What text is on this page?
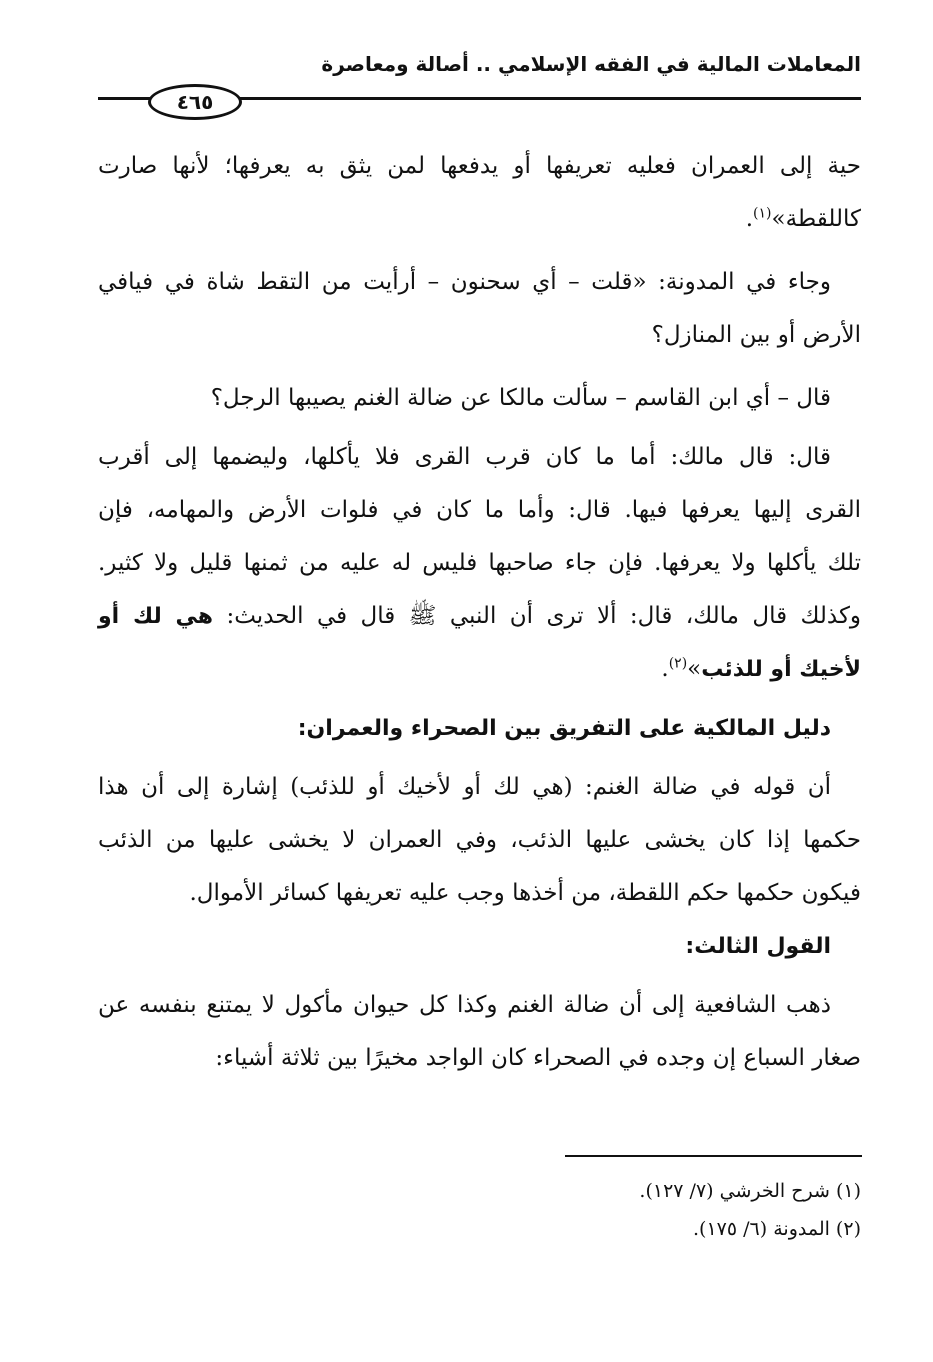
المعاملات المالية في الفقه الإسلامي .. أصالة ومعاصرة
٤٦٥
حية إلى العمران فعليه تعريفها أو يدفعها لمن يثق به يعرفها؛ لأنها صارت
كاللقطة»$^{(١)}$.
وجاء في المدونة: «قلت – أي سحنون – أرأيت من التقط شاة في فيافي
الأرض أو بين المنازل؟
قال – أي ابن القاسم – سألت مالكا عن ضالة الغنم يصيبها الرجل؟
قال: قال مالك: أما ما كان قرب القرى فلا يأكلها، وليضمها إلى أقرب
القرى إليها يعرفها فيها. قال: وأما ما كان في فلوات الأرض والمهامه، فإن
تلك يأكلها ولا يعرفها. فإن جاء صاحبها فليس له عليه من ثمنها قليل ولا كثير.
وكذلك قال مالك، قال: ألا ترى أن النبي ﷺ قال في الحديث: هي لك أو
لأخيك أو للذئب»$^{(٢)}$.
دليل المالكية على التفريق بين الصحراء والعمران:
أن قوله في ضالة الغنم: (هي لك أو لأخيك أو للذئب) إشارة إلى أن هذا
حكمها إذا كان يخشى عليها الذئب، وفي العمران لا يخشى عليها من الذئب
فيكون حكمها حكم اللقطة، من أخذها وجب عليه تعريفها كسائر الأموال.
القول الثالث:
ذهب الشافعية إلى أن ضالة الغنم وكذا كل حيوان مأكول لا يمتنع بنفسه عن
صغار السباع إن وجده في الصحراء كان الواجد مخيرًا بين ثلاثة أشياء:
(١) شرح الخرشي (٧/ ١٢٧).
(٢) المدونة (٦/ ١٧٥).
